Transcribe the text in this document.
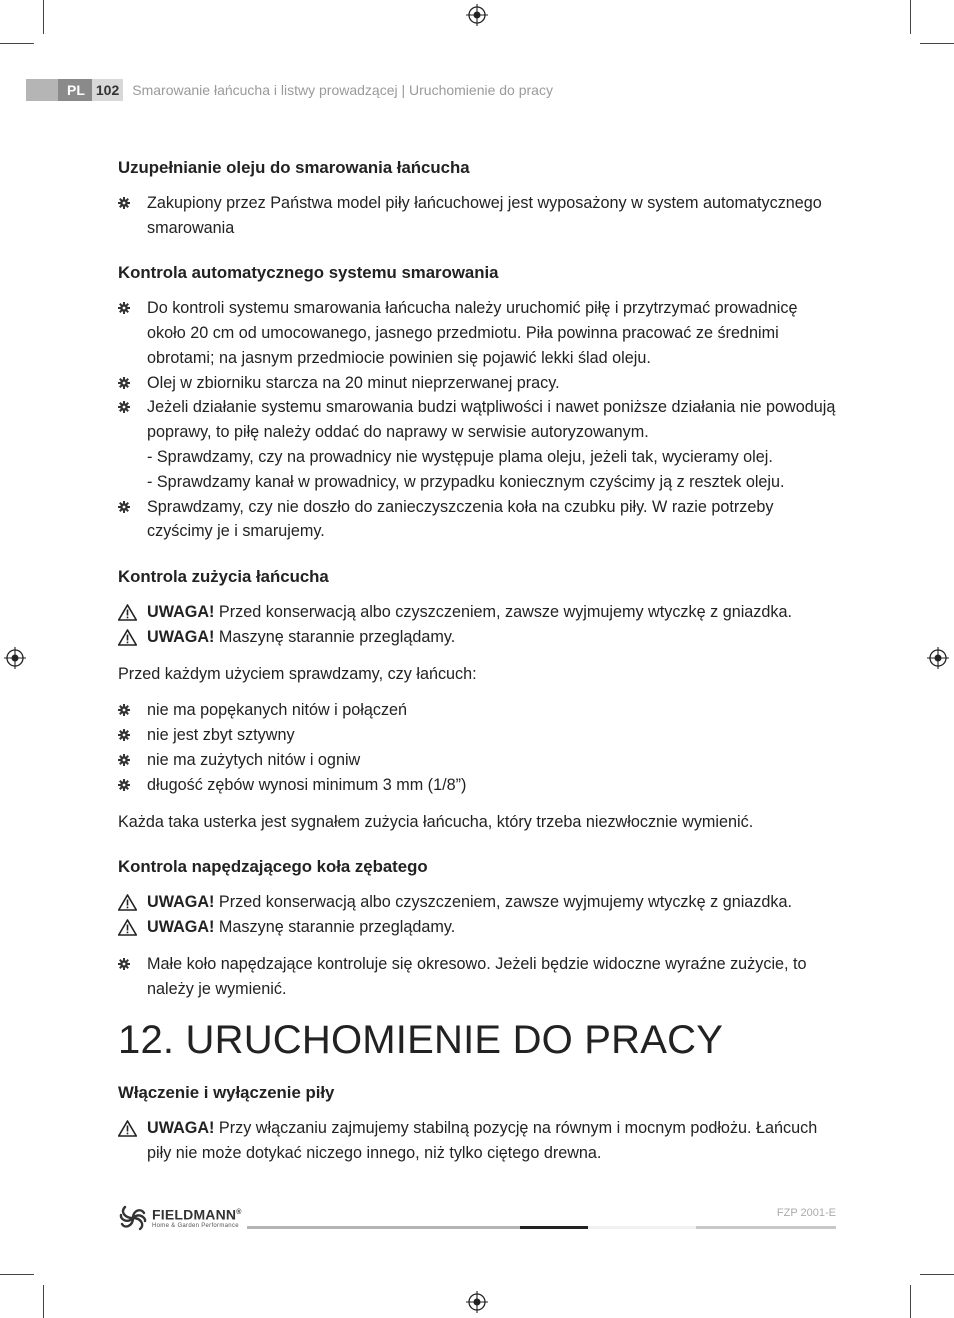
PL 102 Smarowanie łańcucha i listwy prowadzącej | Uruchomienie do pracy
Uzupełnianie oleju do smarowania łańcucha
Zakupiony przez Państwa model piły łańcuchowej jest wyposażony w system automatycznego smarowania
Kontrola automatycznego systemu smarowania
Do kontroli systemu smarowania łańcucha należy uruchomić piłę i przytrzymać prowadnicę około 20 cm od umocowanego, jasnego przedmiotu. Piła powinna pracować ze średnimi obrotami; na jasnym przedmiocie powinien się pojawić lekki ślad oleju.
Olej w zbiorniku starcza na 20 minut nieprzerwanej pracy.
Jeżeli działanie systemu smarowania budzi wątpliwości i nawet poniższe działania nie powodują poprawy, to piłę należy oddać do naprawy w serwisie autoryzowanym.
- Sprawdzamy, czy na prowadnicy nie występuje plama oleju, jeżeli tak, wycieramy olej.
- Sprawdzamy kanał w prowadnicy, w przypadku koniecznym czyścimy ją z resztek oleju.
Sprawdzamy, czy nie doszło do zanieczyszczenia koła na czubku piły. W razie potrzeby czyścimy je i smarujemy.
Kontrola zużycia łańcucha
UWAGA! Przed konserwacją albo czyszczeniem, zawsze wyjmujemy wtyczkę z gniazdka.
UWAGA! Maszynę starannie przeglądamy.

Przed każdym użyciem sprawdzamy, czy łańcuch:

nie ma popękanych nitów i połączeń
nie jest zbyt sztywny
nie ma zużytych nitów i ogniw
długość zębów wynosi minimum 3 mm (1/8”)

Każda taka usterka jest sygnałem zużycia łańcucha, który trzeba niezwłocznie wymienić.

Kontrola napędzającego koła zębatego
UWAGA! Przed konserwacją albo czyszczeniem, zawsze wyjmujemy wtyczkę z gniazdka.
UWAGA! Maszynę starannie przeglądamy.
Małe koło napędzające kontroluje się okresowo. Jeżeli będzie widoczne wyraźne zużycie, to należy je wymienić.
12. URUCHOMIENIE DO PRACY
Włączenie i wyłączenie piły
UWAGA! Przy włączaniu zajmujemy stabilną pozycję na równym i mocnym podłożu. Łańcuch piły nie może dotykać niczego innego, niż tylko ciętego drewna.
FIELDMANN®
Home & Garden Performance
FZP 2001-E
